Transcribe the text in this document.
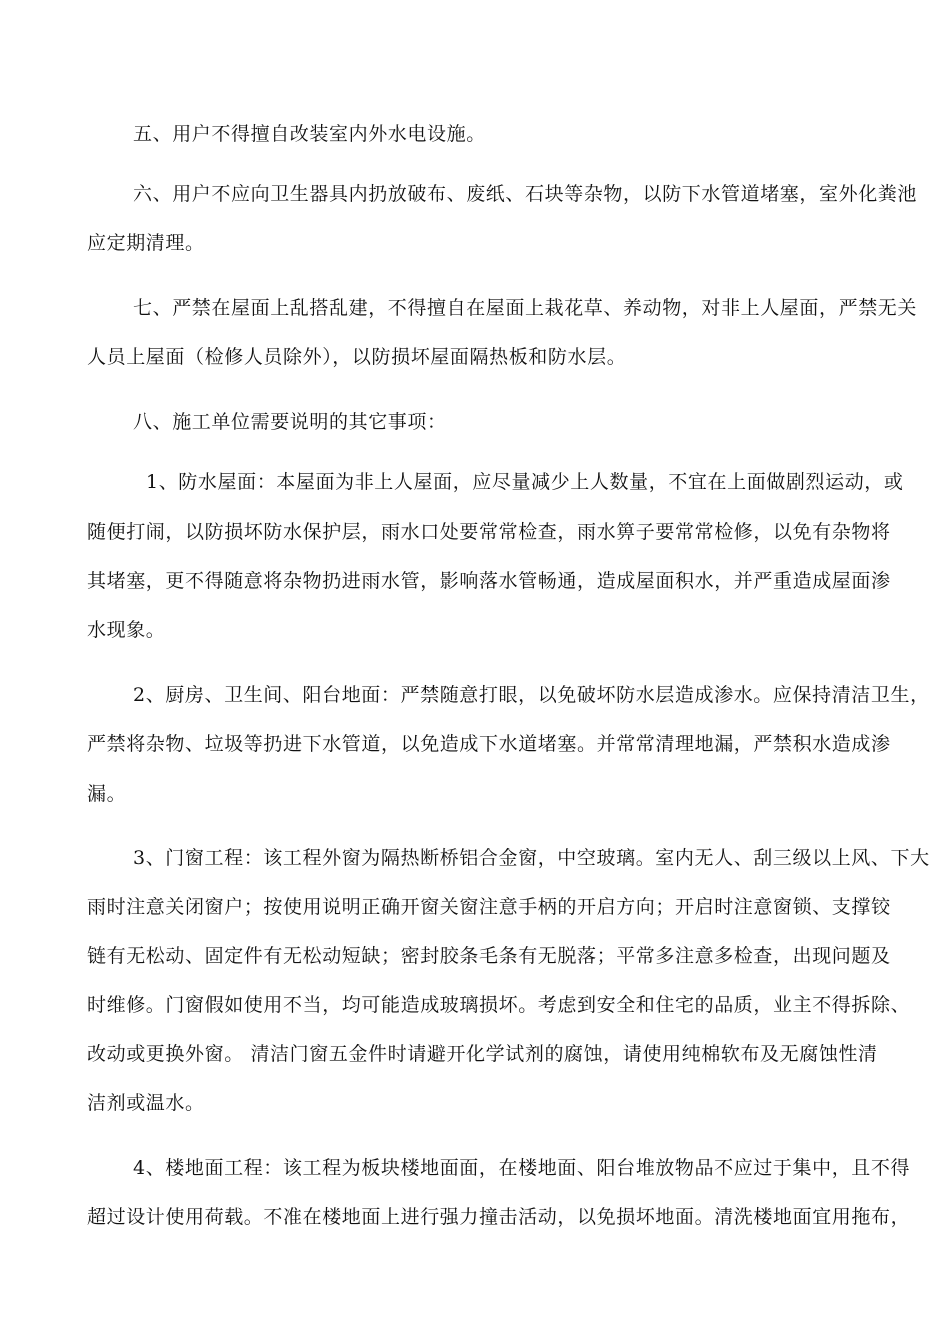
五、用户不得擅自改装室内外水电设施。
六、用户不应向卫生器具内扔放破布、废纸、石块等杂物，以防下水管道堵塞，室外化粪池
应定期清理。
七、严禁在屋面上乱搭乱建，不得擅自在屋面上栽花草、养动物，对非上人屋面，严禁无关
人员上屋面（检修人员除外），以防损坏屋面隔热板和防水层。
八、施工单位需要说明的其它事项：
1、防水屋面：本屋面为非上人屋面，应尽量减少上人数量，不宜在上面做剧烈运动，或
随便打闹，以防损坏防水保护层，雨水口处要常常检查，雨水箅子要常常检修，以免有杂物将
其堵塞，更不得随意将杂物扔进雨水管，影响落水管畅通，造成屋面积水，并严重造成屋面渗
水现象。
2、厨房、卫生间、阳台地面：严禁随意打眼，以免破坏防水层造成渗水。应保持清洁卫生，
严禁将杂物、垃圾等扔进下水管道，以免造成下水道堵塞。并常常清理地漏，严禁积水造成渗
漏。
3、门窗工程：该工程外窗为隔热断桥铝合金窗，中空玻璃。室内无人、刮三级以上风、下大
雨时注意关闭窗户；按使用说明正确开窗关窗注意手柄的开启方向；开启时注意窗锁、支撑铰
链有无松动、固定件有无松动短缺；密封胶条毛条有无脱落；平常多注意多检查，出现问题及
时维修。门窗假如使用不当，均可能造成玻璃损坏。考虑到安全和住宅的品质，业主不得拆除、
改动或更换外窗。 清洁门窗五金件时请避开化学试剂的腐蚀，请使用纯棉软布及无腐蚀性清
洁剂或温水。
4、楼地面工程：该工程为板块楼地面面，在楼地面、阳台堆放物品不应过于集中，且不得
超过设计使用荷载。不准在楼地面上进行强力撞击活动，以免损坏地面。清洗楼地面宜用拖布，
